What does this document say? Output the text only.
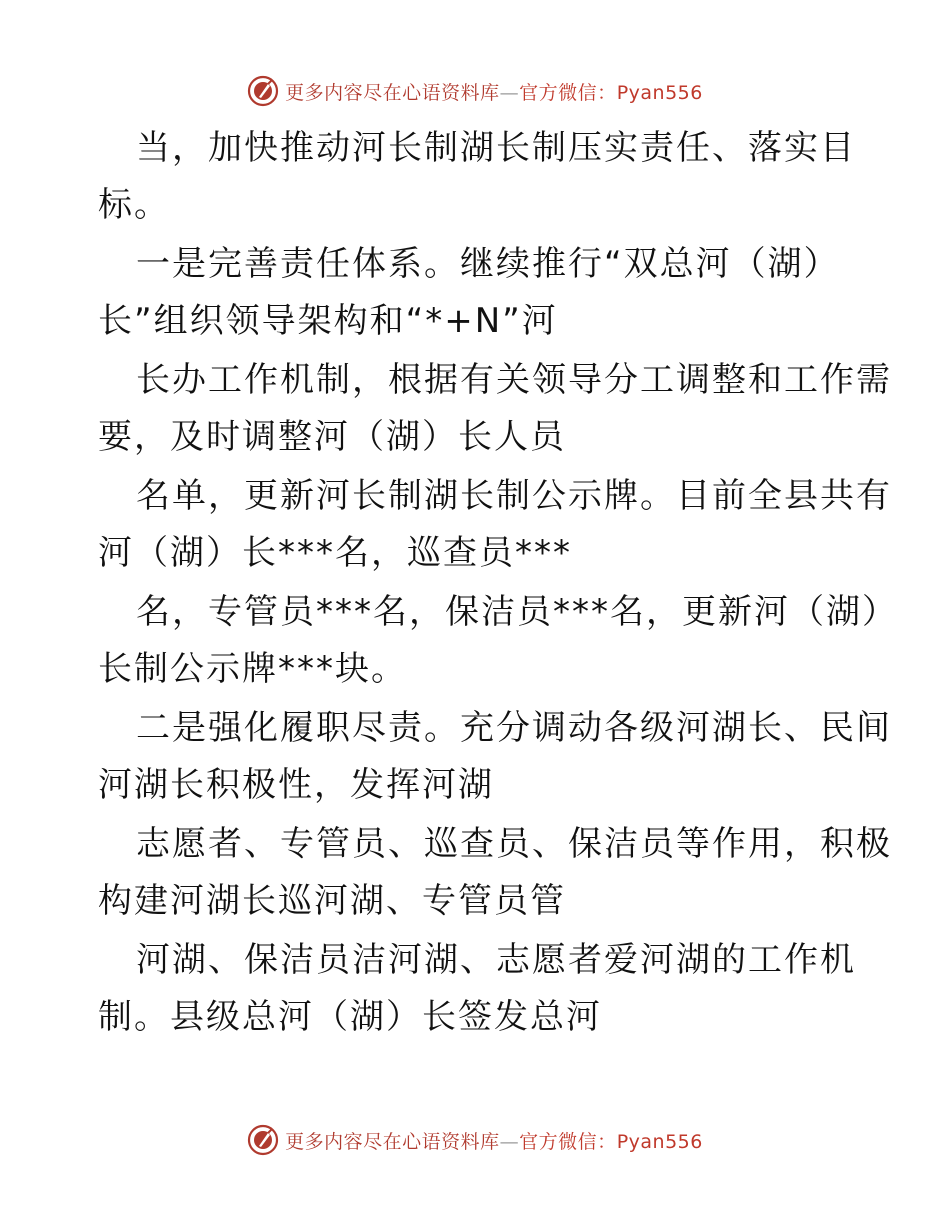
更多内容尽在心语资料库—官方微信：Pyan556
当，加快推动河长制湖长制压实责任、落实目
标。
一是完善责任体系。继续推行“双总河（湖）
长”组织领导架构和“*+N”河
长办工作机制，根据有关领导分工调整和工作需
要，及时调整河（湖）长人员
名单，更新河长制湖长制公示牌。目前全县共有
河（湖）长***名，巡查员***
名，专管员***名，保洁员***名，更新河（湖）
长制公示牌***块。
二是强化履职尽责。充分调动各级河湖长、民间
河湖长积极性，发挥河湖
志愿者、专管员、巡查员、保洁员等作用，积极
构建河湖长巡河湖、专管员管
河湖、保洁员洁河湖、志愿者爱河湖的工作机
制。县级总河（湖）长签发总河
更多内容尽在心语资料库—官方微信：Pyan556
